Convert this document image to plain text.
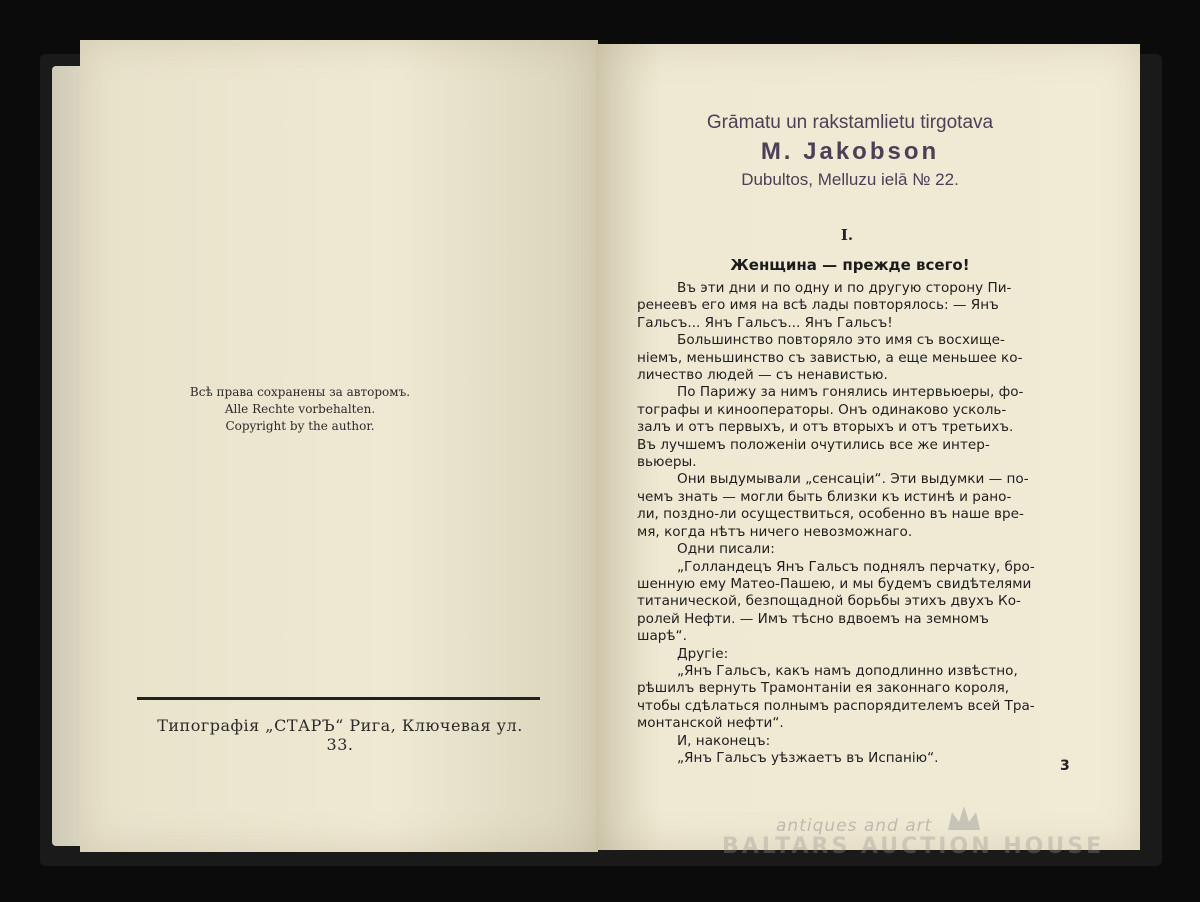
Всѣ права сохранены за авторомъ.
Alle Rechte vorbehalten.
Copyright by the author.
Типографія „СТАРЪ“ Рига, Ключевая ул. 33.
Grāmatu un rakstamlietu tirgotava
M. Jakobson
Dubultos, Melluzu ielā № 22.
I.
Женщина — прежде всего!
Въ эти дни и по одну и по другую сторону Пи-
ренеевъ его имя на всѣ лады повторялось: — Янъ
Гальсъ... Янъ Гальсъ... Янъ Гальсъ!
Большинство повторяло это имя съ восхище-
ніемъ, меньшинство съ завистью, а еще меньшее ко-
личество людей — съ ненавистью.
По Парижу за нимъ гонялись интервьюеры, фо-
тографы и кинооператоры. Онъ одинаково усколь-
залъ и отъ первыхъ, и отъ вторыхъ и отъ третьихъ.
Въ лучшемъ положеніи очутились все же интер-
вьюеры.
Они выдумывали „сенсаціи“. Эти выдумки — по-
чемъ знать — могли быть близки къ истинѣ и рано-
ли, поздно-ли осуществиться, особенно въ наше вре-
мя, когда нѣтъ ничего невозможнаго.
Одни писали:
„Голландецъ Янъ Гальсъ поднялъ перчатку, бро-
шенную ему Матео-Пашею, и мы будемъ свидѣтелями
титанической, безпощадной борьбы этихъ двухъ Ко-
ролей Нефти. — Имъ тѣсно вдвоемъ на земномъ
шарѣ“.
Другіе:
„Янъ Гальсъ, какъ намъ доподлинно извѣстно,
рѣшилъ вернуть Трамонтаніи ея законнаго короля,
чтобы сдѣлаться полнымъ распорядителемъ всей Тра-
монтанской нефти“.
И, наконецъ:
„Янъ Гальсъ уѣзжаетъ въ Испанію“.
3
antiques and art
BALTARS AUCTION HOUSE
